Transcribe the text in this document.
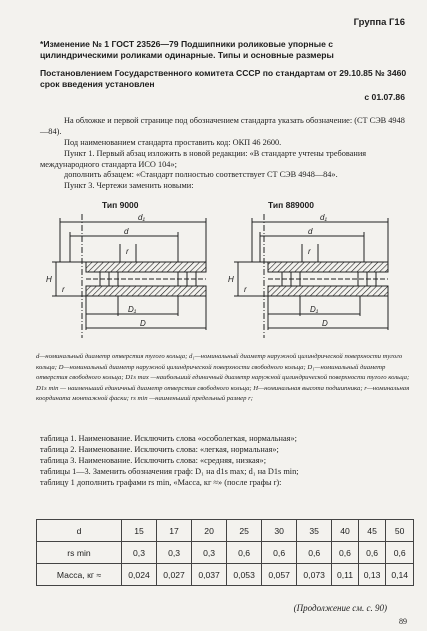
Группа Г16
*Изменение № 1 ГОСТ 23526—79 Подшипники роликовые упорные с цилиндрическими роликами одинарные. Типы и основные размеры
Постановлением Государственного комитета СССР по стандартам от 29.10.85 № 3460 срок введения установлен
с 01.07.86
На обложке и первой странице под обозначением стандарта указать обозначение: (СТ СЭВ 4948—84).
Под наименованием стандарта проставить код: ОКП 46 2600.
Пункт 1. Первый абзац изложить в новой редакции: «В стандарте учтены требования международного стандарта ИСО 104»;
дополнить абзацем: «Стандарт полностью соответствует СТ СЭВ 4948—84».
Пункт 3. Чертежи заменить новыми:
Тип 9000	Тип 889000
d₁
d
r
H
r
D₁
D
d₁
d
r
H
r
D₁
D
d—номинальный диаметр отверстия тугого кольца; d₁—номинальный диаметр наружной цилиндрической поверхности тугого кольца; D—номинальный диаметр наружной цилиндрической поверхности свободного кольца; D₁—номинальный диаметр отверстия свободного кольца; D1s max —наибольший единичный диаметр наружной цилиндрической поверхности тугого кольца; D1s min — наименьший единичный диаметр отверстия свободного кольца; H—номинальная высота подшипника; r—номинальная координата монтажной фаски; rs min —наименьший предельный размер r;
таблица 1. Наименование. Исключить слова «особолегкая, нормальная»;
таблица 2. Наименование. Исключить слова: «легкая, нормальная»;
таблица 3. Наименование. Исключить слова: «средняя, низкая»;
таблицы 1—3. Заменить обозначения граф: D₁ на d1s max; d₁ на D1s min;
таблицу 1 дополнить графами rs min, «Масса, кг ≈» (после графы r):
d	15	17	20	25	30	35	40	45	50
rs min	0,3	0,3	0,3	0,6	0,6	0,6	0,6	0,6	0,6
Масса, кг ≈	0,024	0,027	0,037	0,053	0,057	0,073	0,11	0,13	0,14
(Продолжение см. с. 90)
89
